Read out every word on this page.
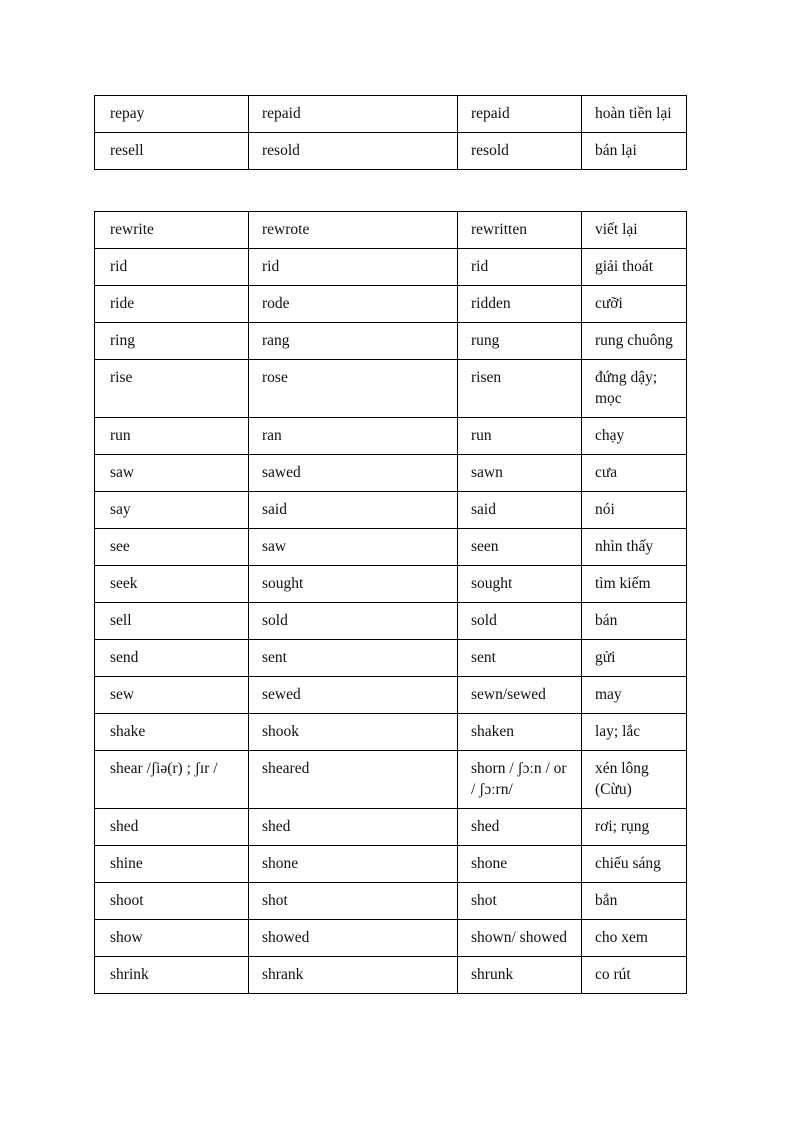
repay	repaid	repaid	hoàn tiền lại
resell	resold	resold	bán lại
rewrite	rewrote	rewritten	viết lại
rid	rid	rid	giải thoát
ride	rode	ridden	cưỡi
ring	rang	rung	rung chuông
rise	rose	risen	đứng dậy; mọc
run	ran	run	chạy
saw	sawed	sawn	cưa
say	said	said	nói
see	saw	seen	nhìn thấy
seek	sought	sought	tìm kiếm
sell	sold	sold	bán
send	sent	sent	gửi
sew	sewed	sewn/sewed	may
shake	shook	shaken	lay; lắc
shear /ʃiə(r) ; ʃɪr /	sheared	shorn / ʃɔːn / or / ʃɔːrn/	xén lông (Cừu)
shed	shed	shed	rơi; rụng
shine	shone	shone	chiếu sáng
shoot	shot	shot	bắn
show	showed	shown/ showed	cho xem
shrink	shrank	shrunk	co rút
